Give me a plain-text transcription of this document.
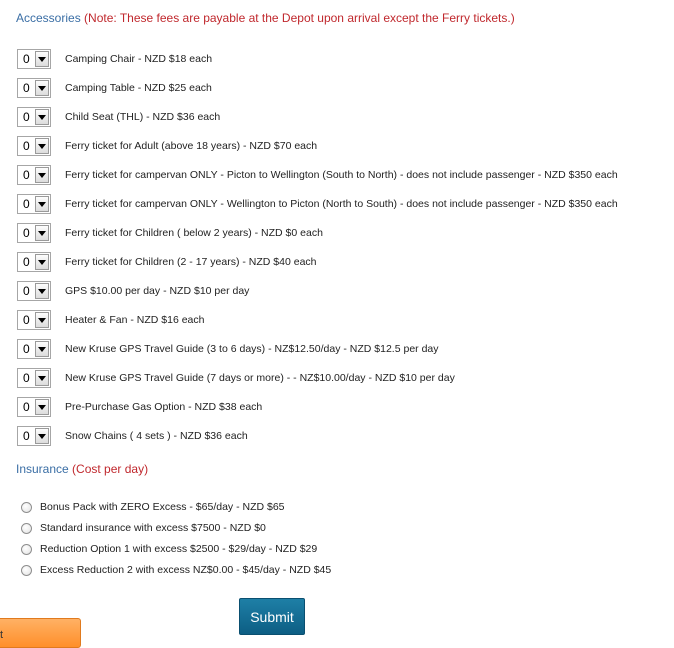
Accessories (Note: These fees are payable at the Depot upon arrival except the Ferry tickets.)
0	Camping Chair - NZD $18 each
0	Camping Table - NZD $25 each
0	Child Seat (THL) - NZD $36 each
0	Ferry ticket for Adult (above 18 years) - NZD $70 each
0	Ferry ticket for campervan ONLY - Picton to Wellington (South to North) - does not include passenger - NZD $350 each
0	Ferry ticket for campervan ONLY - Wellington to Picton (North to South) - does not include passenger - NZD $350 each
0	Ferry ticket for Children ( below 2 years) - NZD $0 each
0	Ferry ticket for Children (2 - 17 years) - NZD $40 each
0	GPS $10.00 per day - NZD $10 per day
0	Heater & Fan - NZD $16 each
0	New Kruse GPS Travel Guide (3 to 6 days) - NZ$12.50/day - NZD $12.5 per day
0	New Kruse GPS Travel Guide (7 days or more) - - NZ$10.00/day - NZD $10 per day
0	Pre-Purchase Gas Option - NZD $38 each
0	Snow Chains ( 4 sets ) - NZD $36 each
Insurance (Cost per day)
Bonus Pack with ZERO Excess - $65/day - NZD $65
Standard insurance with excess $7500 - NZD $0
Reduction Option 1 with excess $2500 - $29/day - NZD $29
Excess Reduction 2 with excess NZ$0.00 - $45/day - NZD $45
Submit
t
